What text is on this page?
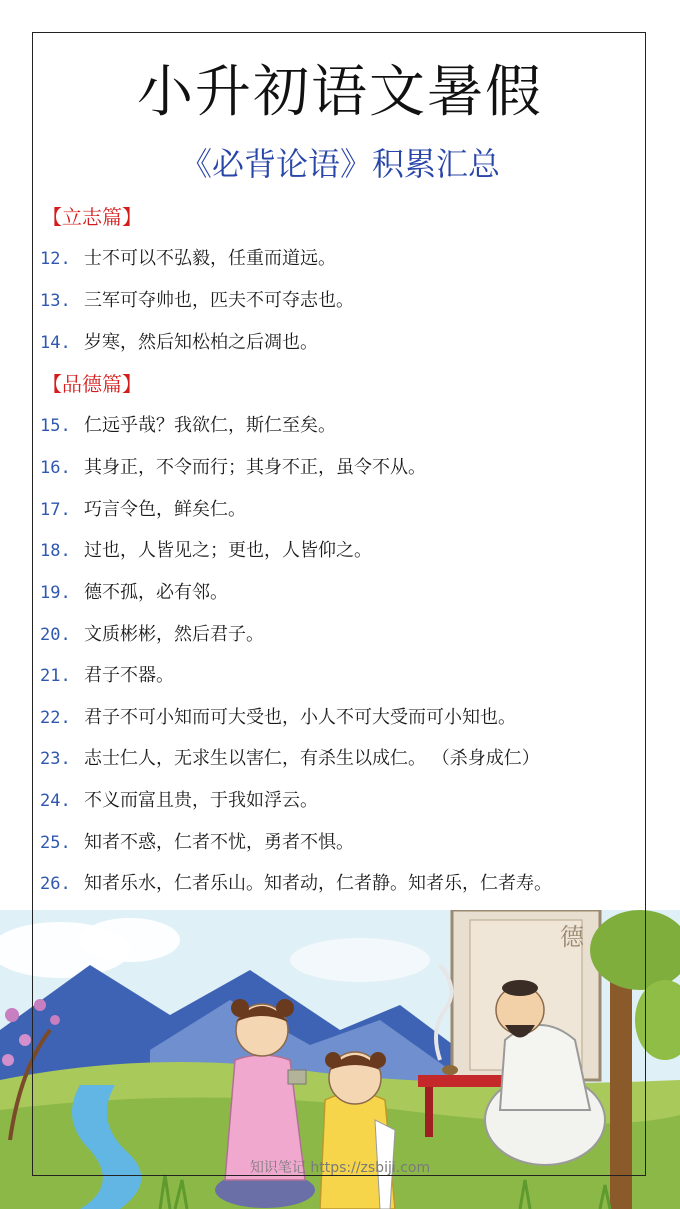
小升初语文暑假
《必背论语》积累汇总
【立志篇】
12. 士不可以不弘毅，任重而道远。
13. 三军可夺帅也，匹夫不可夺志也。
14. 岁寒，然后知松柏之后凋也。
【品德篇】
15. 仁远乎哉？我欲仁，斯仁至矣。
16. 其身正，不令而行；其身不正，虽令不从。
17. 巧言令色，鲜矣仁。
18. 过也，人皆见之；更也，人皆仰之。
19. 德不孤，必有邻。
20. 文质彬彬，然后君子。
21. 君子不器。
22. 君子不可小知而可大受也，小人不可大受而可小知也。
23. 志士仁人，无求生以害仁，有杀生以成仁。 （杀身成仁）
24. 不义而富且贵，于我如浮云。
25. 知者不惑，仁者不忧，勇者不惧。
26. 知者乐水，仁者乐山。知者动，仁者静。知者乐，仁者寿。
德
知识笔记 https://zsbiji.com
